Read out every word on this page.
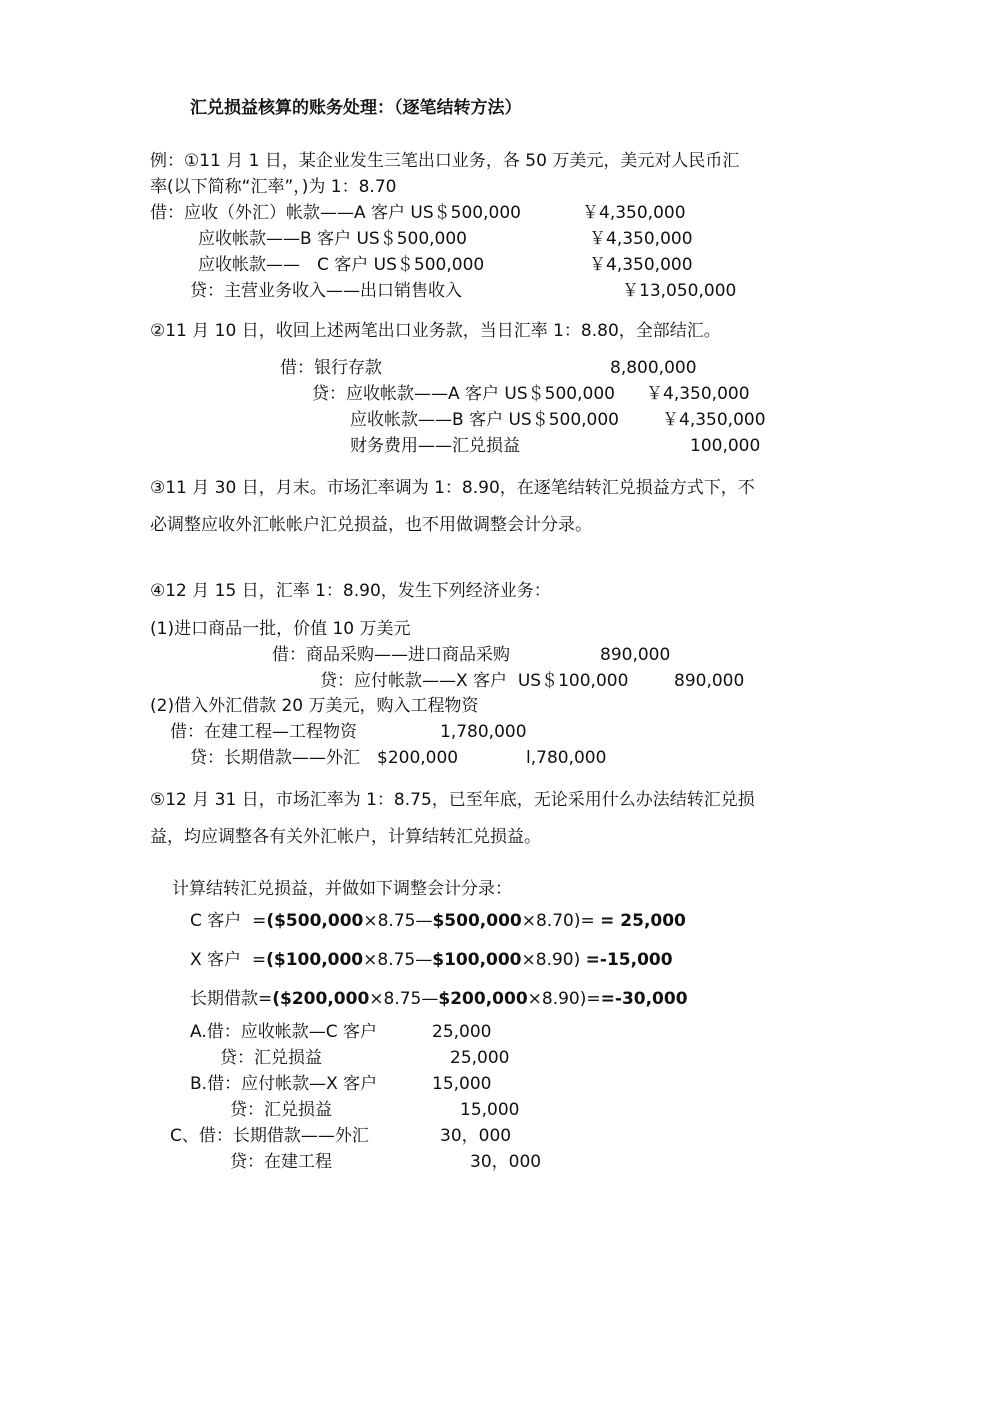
汇兑损益核算的账务处理：（逐笔结转方法）
例：①11 月 1 日，某企业发生三笔出口业务，各 50 万美元，美元对人民币汇
率(以下简称“汇率”，)为 1：8.70
借：应收（外汇）帐款——A 客户 US＄500,000	￥4,350,000
应收帐款——B 客户 US＄500,000	￥4,350,000
应收帐款——　C 客户 US＄500,000	￥4,350,000
贷：主营业务收入——出口销售收入	￥13,050,000
②11 月 10 日，收回上述两笔出口业务款，当日汇率 1：8.80，全部结汇。
借：银行存款	8,800,000
贷：应收帐款——A 客户 US＄500,000 ￥4,350,000
应收帐款——B 客户 US＄500,000	￥4,350,000
财务费用——汇兑损益	100,000
③11 月 30 日，月末。市场汇率调为 1：8.90，在逐笔结转汇兑损益方式下，不
必调整应收外汇帐帐户汇兑损益，也不用做调整会计分录。
④12 月 15 日，汇率 1：8.90，发生下列经济业务：
(1)进口商品一批，价值 10 万美元
借：商品采购——进口商品采购	890,000
贷：应付帐款——X 客户  US＄100,000	890,000
(2)借入外汇借款 20 万美元，购入工程物资
借：在建工程—工程物资	1,780,000
贷：长期借款——外汇　$200,000	l,780,000
⑤12 月 31 日，市场汇率为 1：8.75，已至年底，无论采用什么办法结转汇兑损
益，均应调整各有关外汇帐户，计算结转汇兑损益。
计算结转汇兑损益，并做如下调整会计分录：
C 客户  =($500,000×8.75—$500,000×8.70)= = 25,000
X 客户  =($100,000×8.75—$100,000×8.90) =-15,000
长期借款=($200,000×8.75—$200,000×8.90)==-30,000
A.借：应收帐款—C 客户	25,000
贷：汇兑损益	25,000
B.借：应付帐款—X 客户	15,000
贷：汇兑损益	15,000
C、借：长期借款——外汇	30，000
贷：在建工程	30，000
